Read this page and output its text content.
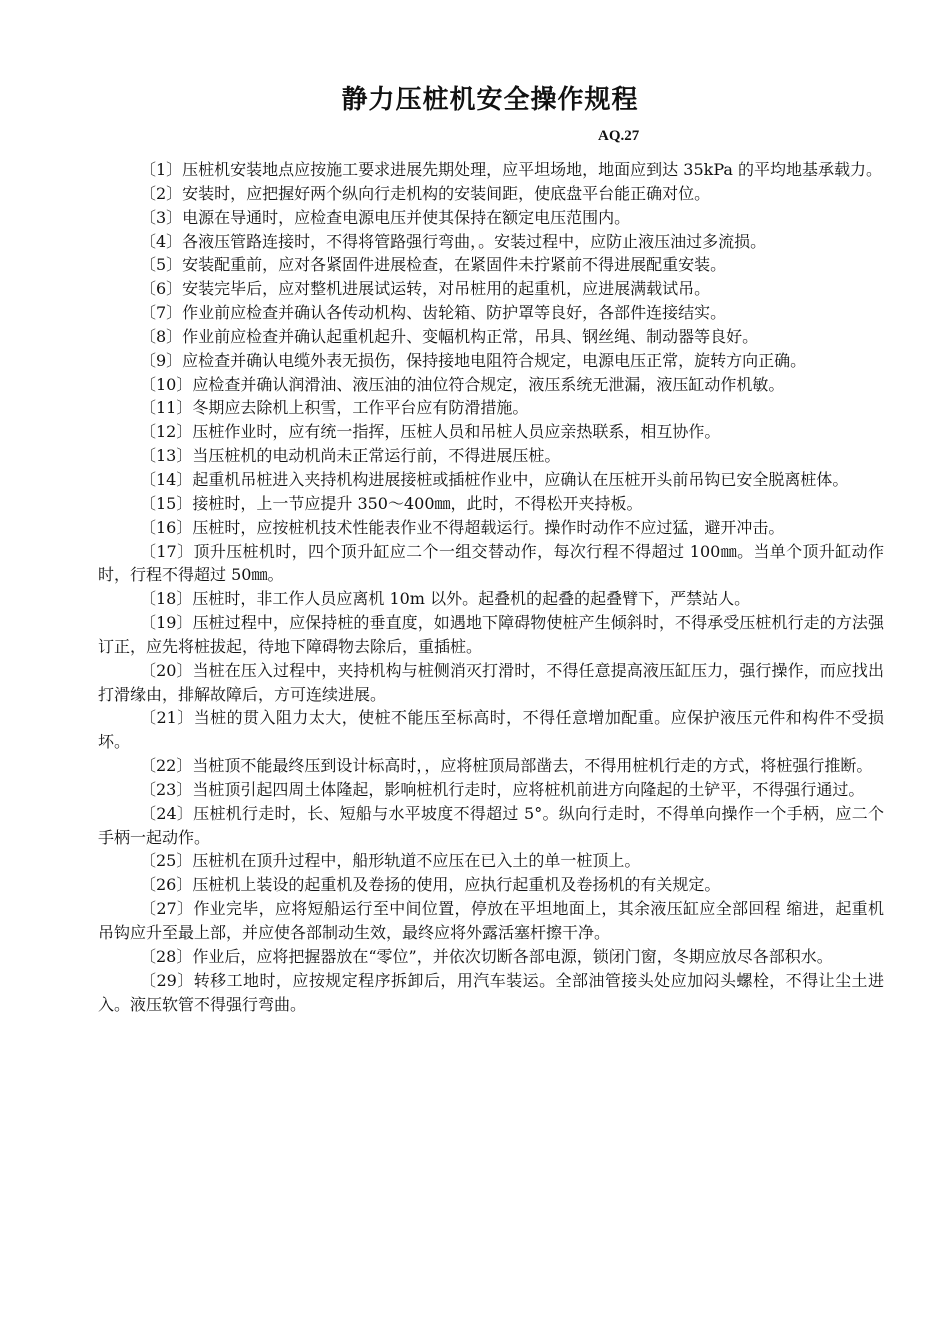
静力压桩机安全操作规程
AQ.27

〔1〕压桩机安装地点应按施工要求进展先期处理，应平坦场地，地面应到达 35kPa 的平均地基承载力。

〔2〕安装时，应把握好两个纵向行走机构的安装间距，使底盘平台能正确对位。

〔3〕电源在导通时，应检查电源电压并使其保持在额定电压范围内。

〔4〕各液压管路连接时，不得将管路强行弯曲，。安装过程中，应防止液压油过多流损。

〔5〕安装配重前，应对各紧固件进展检查，在紧固件未拧紧前不得进展配重安装。

〔6〕安装完毕后，应对整机进展试运转，对吊桩用的起重机，应进展满载试吊。

〔7〕作业前应检查并确认各传动机构、齿轮箱、防护罩等良好，各部件连接结实。

〔8〕作业前应检查并确认起重机起升、变幅机构正常，吊具、钢丝绳、制动器等良好。

〔9〕应检查并确认电缆外表无损伤，保持接地电阻符合规定，电源电压正常，旋转方向正确。

〔10〕应检查并确认润滑油、液压油的油位符合规定，液压系统无泄漏，液压缸动作机敏。

〔11〕冬期应去除机上积雪，工作平台应有防滑措施。

〔12〕压桩作业时，应有统一指挥，压桩人员和吊桩人员应亲热联系，相互协作。

〔13〕当压桩机的电动机尚未正常运行前，不得进展压桩。

〔14〕起重机吊桩进入夹持机构进展接桩或插桩作业中，应确认在压桩开头前吊钩已安全脱离桩体。

〔15〕接桩时，上一节应提升 350～400㎜，此时，不得松开夹持板。

〔16〕压桩时，应按桩机技术性能表作业不得超载运行。操作时动作不应过猛，避开冲击。

〔17〕顶升压桩机时，四个顶升缸应二个一组交替动作，每次行程不得超过 100㎜。当单个顶升缸动作时，行程不得超过 50㎜。

〔18〕压桩时，非工作人员应离机 10m 以外。起叠机的起叠的起叠臂下，严禁站人。

〔19〕压桩过程中，应保持桩的垂直度，如遇地下障碍物使桩产生倾斜时，不得承受压桩机行走的方法强订正，应先将桩拔起，待地下障碍物去除后，重插桩。

〔20〕当桩在压入过程中，夹持机构与桩侧消灭打滑时，不得任意提高液压缸压力，强行操作，而应找出打滑缘由，排解故障后，方可连续进展。

〔21〕当桩的贯入阻力太大，使桩不能压至标高时，不得任意增加配重。应保护液压元件和构件不受损坏。

〔22〕当桩顶不能最终压到设计标高时，，应将桩顶局部凿去，不得用桩机行走的方式，将桩强行推断。

〔23〕当桩顶引起四周土体隆起，影响桩机行走时，应将桩机前进方向隆起的土铲平，不得强行通过。

〔24〕压桩机行走时，长、短船与水平坡度不得超过 5°。纵向行走时，不得单向操作一个手柄，应二个手柄一起动作。

〔25〕压桩机在顶升过程中，船形轨道不应压在已入土的单一桩顶上。

〔26〕压桩机上装设的起重机及卷扬的使用，应执行起重机及卷扬机的有关规定。

〔27〕作业完毕，应将短船运行至中间位置，停放在平坦地面上，其余液压缸应全部回程 缩进，起重机吊钩应升至最上部，并应使各部制动生效，最终应将外露活塞杆擦干净。

〔28〕作业后，应将把握器放在“零位”，并依次切断各部电源，锁闭门窗，冬期应放尽各部积水。

〔29〕转移工地时，应按规定程序拆卸后，用汽车装运。全部油管接头处应加闷头螺栓，不得让尘土进入。液压软管不得强行弯曲。
